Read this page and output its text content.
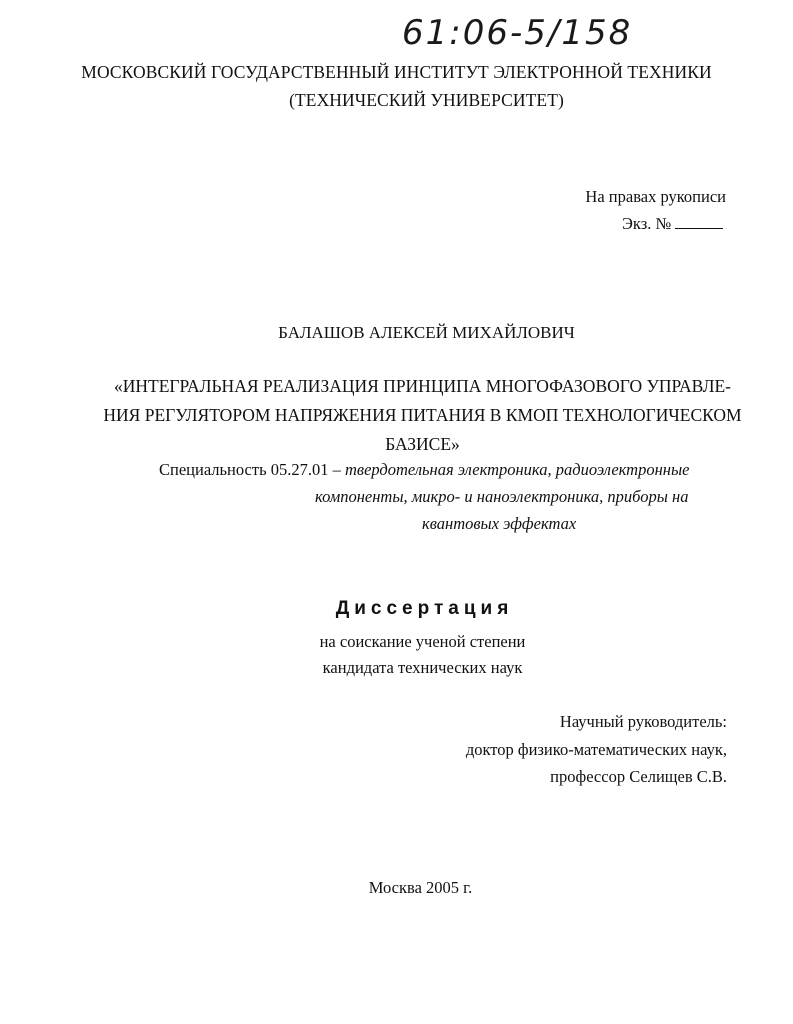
61:06-5/158
МОСКОВСКИЙ ГОСУДАРСТВЕННЫЙ ИНСТИТУТ ЭЛЕКТРОННОЙ ТЕХНИКИ
(ТЕХНИЧЕСКИЙ УНИВЕРСИТЕТ)
На правах рукописи
Экз. №
БАЛАШОВ АЛЕКСЕЙ МИХАЙЛОВИЧ
«ИНТЕГРАЛЬНАЯ РЕАЛИЗАЦИЯ ПРИНЦИПА МНОГОФАЗОВОГО УПРАВЛЕ-
НИЯ РЕГУЛЯТОРОМ НАПРЯЖЕНИЯ ПИТАНИЯ В КМОП ТЕХНОЛОГИЧЕСКОМ
БАЗИСЕ»
Специальность 05.27.01 – твердотельная электроника, радиоэлектронные
компоненты, микро- и наноэлектроника, приборы на
квантовых эффектах
Диссертация
на соискание ученой степени
кандидата технических наук
Научный руководитель:
доктор физико-математических наук,
профессор Селищев С.В.
Москва 2005 г.
